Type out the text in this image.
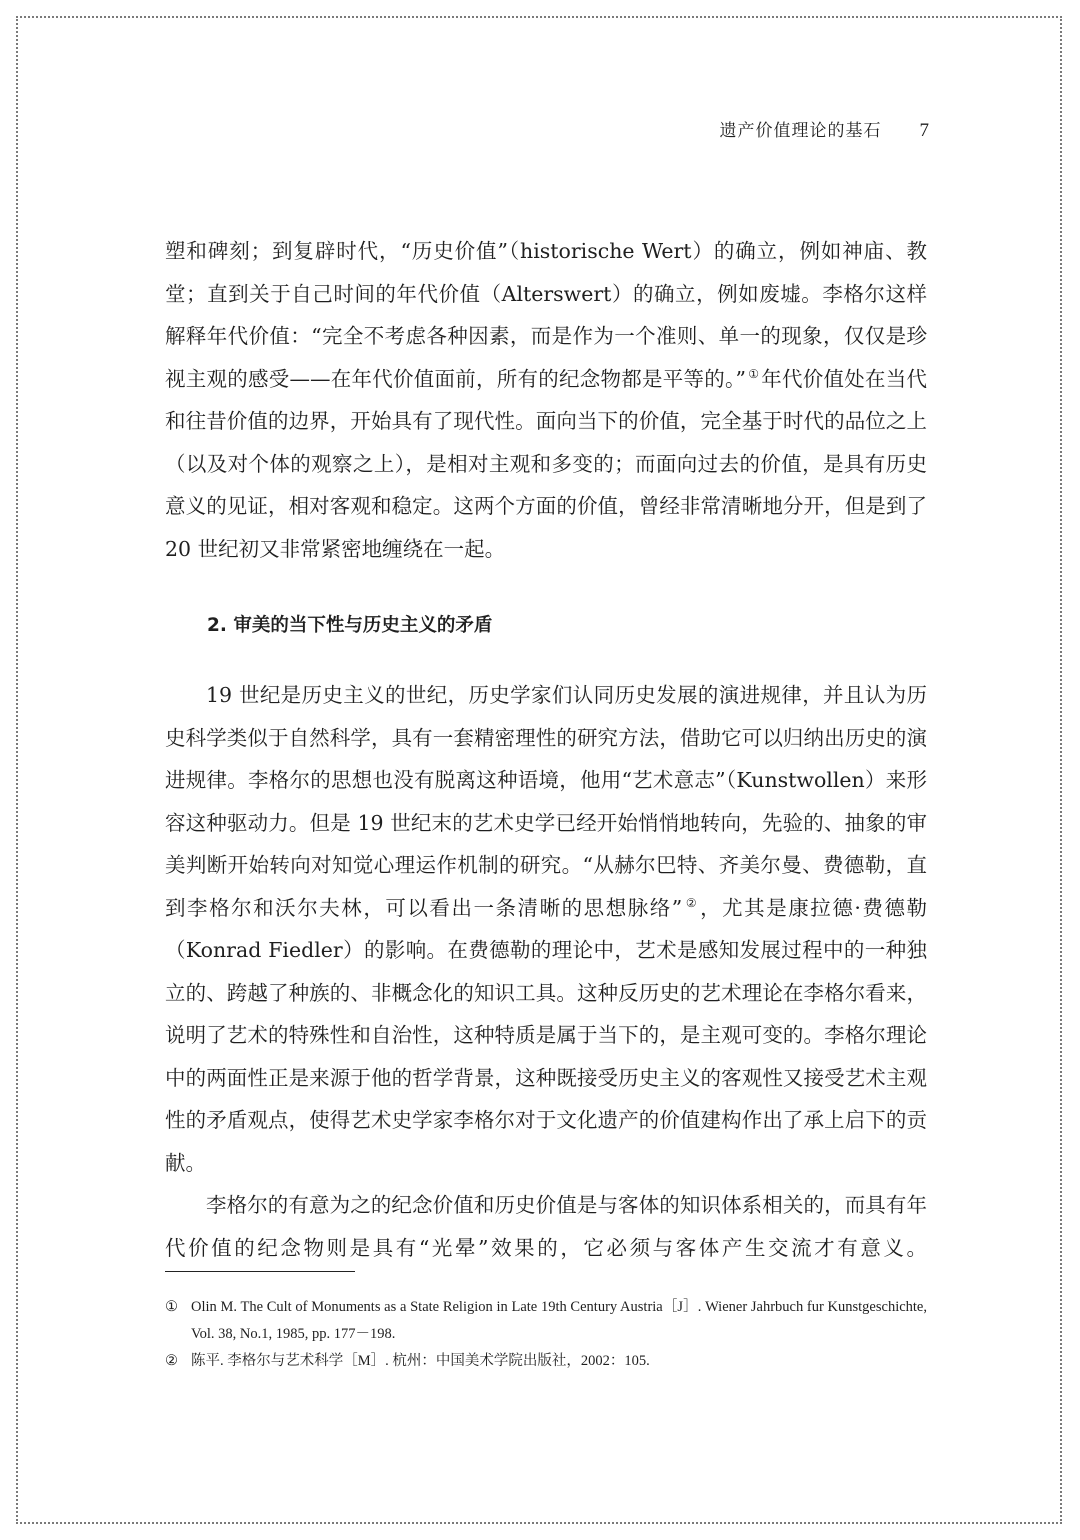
遗产价值理论的基石 7

塑和碑刻；到复辟时代，“历史价值”（historische Wert）的确立，例如神庙、教堂；直到关于自己时间的年代价值（Alterswert）的确立，例如废墟。李格尔这样解释年代价值：“完全不考虑各种因素，而是作为一个准则、单一的现象，仅仅是珍视主观的感受——在年代价值面前，所有的纪念物都是平等的。” ①年代价值处在当代和往昔价值的边界，开始具有了现代性。面向当下的价值，完全基于时代的品位之上（以及对个体的观察之上），是相对主观和多变的；而面向过去的价值，是具有历史意义的见证，相对客观和稳定。这两个方面的价值，曾经非常清晰地分开，但是到了 20 世纪初又非常紧密地缠绕在一起。

2. 审美的当下性与历史主义的矛盾

19 世纪是历史主义的世纪，历史学家们认同历史发展的演进规律，并且认为历史科学类似于自然科学，具有一套精密理性的研究方法，借助它可以归纳出历史的演进规律。李格尔的思想也没有脱离这种语境，他用“艺术意志”（Kunstwollen）来形容这种驱动力。但是 19 世纪末的艺术史学已经开始悄悄地转向，先验的、抽象的审美判断开始转向对知觉心理运作机制的研究。“从赫尔巴特、齐美尔曼、费德勒，直到李格尔和沃尔夫林，可以看出一条清晰的思想脉络” ②，尤其是康拉德·费德勒（Konrad Fiedler）的影响。在费德勒的理论中，艺术是感知发展过程中的一种独立的、跨越了种族的、非概念化的知识工具。这种反历史的艺术理论在李格尔看来，说明了艺术的特殊性和自治性，这种特质是属于当下的，是主观可变的。李格尔理论中的两面性正是来源于他的哲学背景，这种既接受历史主义的客观性又接受艺术主观性的矛盾观点，使得艺术史学家李格尔对于文化遗产的价值建构作出了承上启下的贡献。

李格尔的有意为之的纪念价值和历史价值是与客体的知识体系相关的，而具有年代价值的纪念物则是具有“光晕”效果的，它必须与客体产生交流才有意义。

① Olin M. The Cult of Monuments as a State Religion in Late 19th Century Austria［J］. Wiener Jahrbuch fur Kunstgeschichte, Vol. 38, No.1, 1985, pp. 177－198.
② 陈平. 李格尔与艺术科学［M］. 杭州：中国美术学院出版社，2002：105.
